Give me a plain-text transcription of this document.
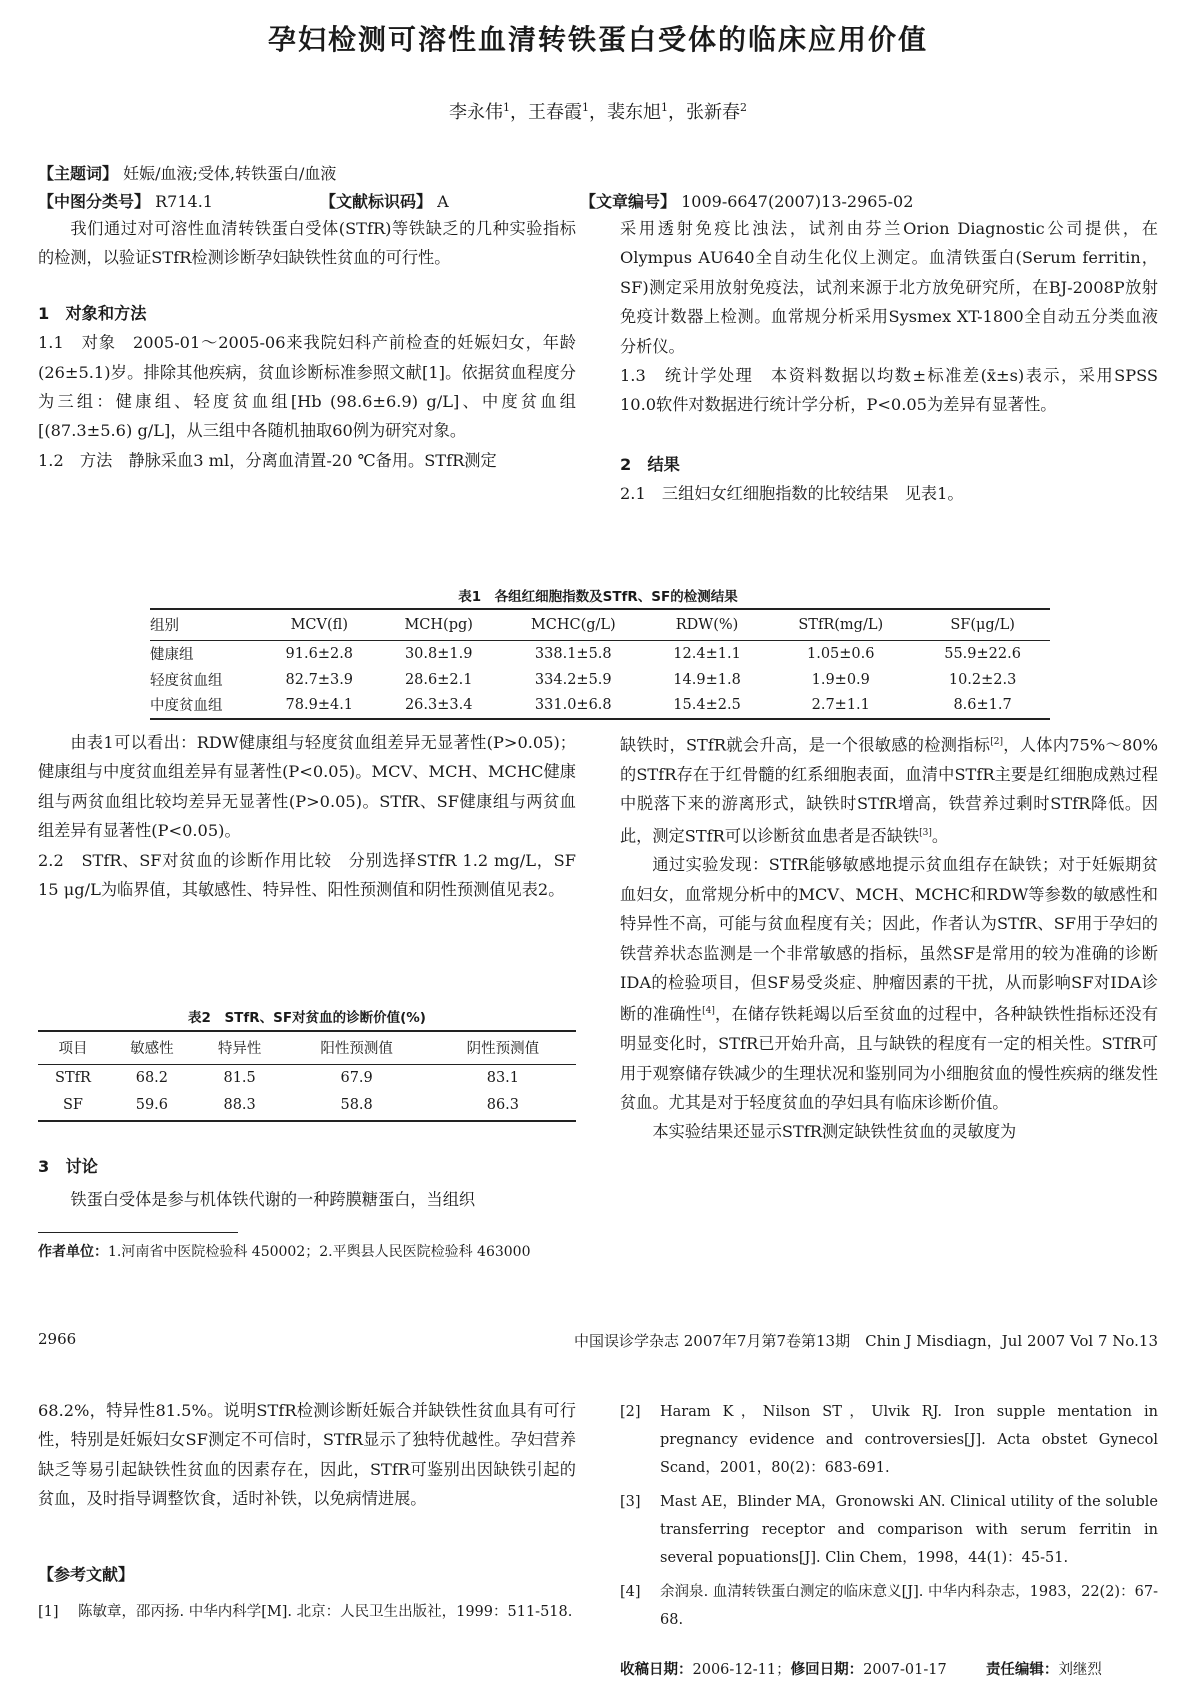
孕妇检测可溶性血清转铁蛋白受体的临床应用价值
李永伟$^1$，王春霞$^1$，裴东旭$^1$，张新春$^2$
【主题词】 妊娠/血液;受体,转铁蛋白/血液
【中图分类号】 R714.1	【文献标识码】 A	【文章编号】 1009-6647(2007)13-2965-02

我们通过对可溶性血清转铁蛋白受体(STfR)等铁缺乏的几种实验指标的检测，以验证STfR检测诊断孕妇缺铁性贫血的可行性。

1　对象和方法

1.1　对象　2005-01～2005-06来我院妇科产前检查的妊娠妇女，年龄(26±5.1)岁。排除其他疾病，贫血诊断标准参照文献[1]。依据贫血程度分为三组：健康组、轻度贫血组[Hb (98.6±6.9) g/L]、中度贫血组[(87.3±5.6) g/L]，从三组中各随机抽取60例为研究对象。

1.2　方法　静脉采血3 ml，分离血清置-20 ℃备用。STfR测定

采用透射免疫比浊法，试剂由芬兰Orion Diagnostic公司提供，在Olympus AU640全自动生化仪上测定。血清铁蛋白(Serum ferritin，SF)测定采用放射免疫法，试剂来源于北方放免研究所，在BJ-2008P放射免疫计数器上检测。血常规分析采用Sysmex XT-1800全自动五分类血液分析仪。

1.3　统计学处理　本资料数据以均数±标准差(x̄±s)表示，采用SPSS 10.0软件对数据进行统计学分析，P<0.05为差异有显著性。

2　结果

2.1　三组妇女红细胞指数的比较结果　见表1。

表1　各组红细胞指数及STfR、SF的检测结果
组别	MCV(fl)	MCH(pg)	MCHC(g/L)	RDW(%)	STfR(mg/L)	SF(μg/L)
健康组	91.6±2.8	30.8±1.9	338.1±5.8	12.4±1.1	1.05±0.6	55.9±22.6
轻度贫血组	82.7±3.9	28.6±2.1	334.2±5.9	14.9±1.8	1.9±0.9	10.2±2.3
中度贫血组	78.9±4.1	26.3±3.4	331.0±6.8	15.4±2.5	2.7±1.1	8.6±1.7

由表1可以看出：RDW健康组与轻度贫血组差异无显著性(P>0.05)；健康组与中度贫血组差异有显著性(P<0.05)。MCV、MCH、MCHC健康组与两贫血组比较均差异无显著性(P>0.05)。STfR、SF健康组与两贫血组差异有显著性(P<0.05)。

2.2　STfR、SF对贫血的诊断作用比较　分别选择STfR 1.2 mg/L，SF 15 μg/L为临界值，其敏感性、特异性、阳性预测值和阴性预测值见表2。

表2　STfR、SF对贫血的诊断价值(%)
项目	敏感性	特异性	阳性预测值	阴性预测值
STfR	68.2	81.5	67.9	83.1
SF	59.6	88.3	58.8	86.3

3　讨论

铁蛋白受体是参与机体铁代谢的一种跨膜糖蛋白，当组织

作者单位：1.河南省中医院检验科 450002；2.平舆县人民医院检验科 463000

缺铁时，STfR就会升高，是一个很敏感的检测指标[2]，人体内75%～80%的STfR存在于红骨髓的红系细胞表面，血清中STfR主要是红细胞成熟过程中脱落下来的游离形式，缺铁时STfR增高，铁营养过剩时STfR降低。因此，测定STfR可以诊断贫血患者是否缺铁[3]。

通过实验发现：STfR能够敏感地提示贫血组存在缺铁；对于妊娠期贫血妇女，血常规分析中的MCV、MCH、MCHC和RDW等参数的敏感性和特异性不高，可能与贫血程度有关；因此，作者认为STfR、SF用于孕妇的铁营养状态监测是一个非常敏感的指标，虽然SF是常用的较为准确的诊断IDA的检验项目，但SF易受炎症、肿瘤因素的干扰，从而影响SF对IDA诊断的准确性[4]，在储存铁耗竭以后至贫血的过程中，各种缺铁性指标还没有明显变化时，STfR已开始升高，且与缺铁的程度有一定的相关性。STfR可用于观察储存铁减少的生理状况和鉴别同为小细胞贫血的慢性疾病的继发性贫血。尤其是对于轻度贫血的孕妇具有临床诊断价值。

本实验结果还显示STfR测定缺铁性贫血的灵敏度为

2966	中国误诊学杂志 2007年7月第7卷第13期　Chin J Misdiagn，Jul 2007 Vol 7 No.13

68.2%，特异性81.5%。说明STfR检测诊断妊娠合并缺铁性贫血具有可行性，特别是妊娠妇女SF测定不可信时，STfR显示了独特优越性。孕妇营养缺乏等易引起缺铁性贫血的因素存在，因此，STfR可鉴别出因缺铁引起的贫血，及时指导调整饮食，适时补铁，以免病情进展。

【参考文献】
[1]	陈敏章，邵丙扬. 中华内科学[M]. 北京：人民卫生出版社，1999：511-518.
[2]	Haram K，Nilson ST，Ulvik RJ. Iron supple mentation in pregnancy evidence and controversies[J]. Acta obstet Gynecol Scand，2001，80(2)：683-691.
[3]	Mast AE，Blinder MA，Gronowski AN. Clinical utility of the soluble transferring receptor and comparison with serum ferritin in several popuations[J]. Clin Chem，1998，44(1)：45-51.
[4]	余润泉. 血清转铁蛋白测定的临床意义[J]. 中华内科杂志，1983，22(2)：67-68.
收稿日期：2006-12-11；修回日期：2007-01-17	责任编辑：刘继烈
